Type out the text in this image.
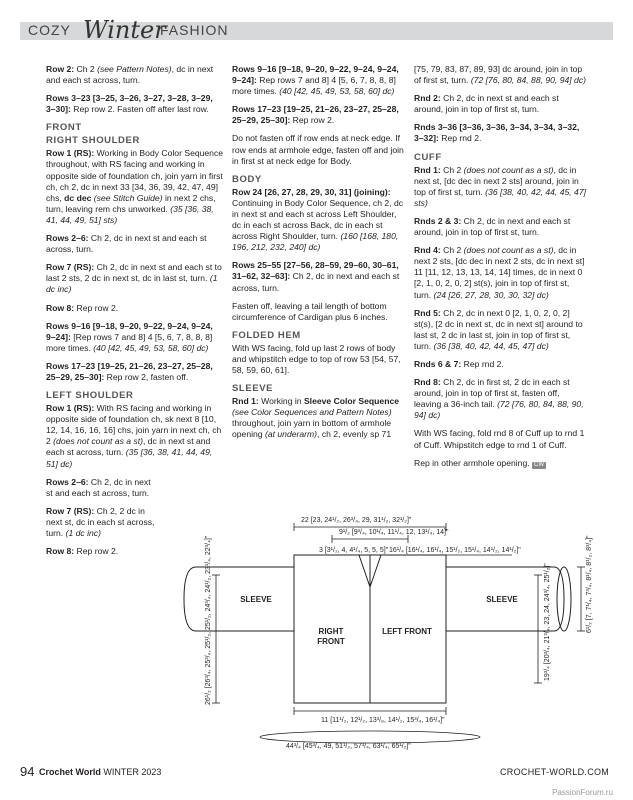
COZY Winter
FASHION

Row 2: Ch 2 (see Pattern Notes), dc in next and each st across, turn.

Rows 3–23 [3–25, 3–26, 3–27, 3–28, 3–29, 3–30]: Rep row 2. Fasten off after last row.

FRONT
RIGHT SHOULDER

Row 1 (RS): Working in Body Color Sequence throughout, with RS facing and working in opposite side of foundation ch, join yarn in first ch, ch 2, dc in next 33 [34, 36, 39, 42, 47, 49] chs, dc dec (see Stitch Guide) in next 2 chs, turn, leaving rem chs unworked. (35 [36, 38, 41, 44, 49, 51] sts)

Rows 2–6: Ch 2, dc in next st and each st across, turn.

Row 7 (RS): Ch 2, dc in next st and each st to last 2 sts, 2 dc in next st, dc in last st, turn. (1 dc inc)

Row 8: Rep row 2.

Rows 9–16 [9–18, 9–20, 9–22, 9–24, 9–24, 9–24]: [Rep rows 7 and 8] 4 [5, 6, 7, 8, 8, 8] more times. (40 [42, 45, 49, 53, 58, 60] dc)

Rows 17–23 [19–25, 21–26, 23–27, 25–28, 25–29, 25–30]: Rep row 2, fasten off.

LEFT SHOULDER

Row 1 (RS): With RS facing and working in opposite side of foundation ch, sk next 8 [10, 12, 14, 16, 16, 16] chs, join yarn in next ch, ch 2 (does not count as a st), dc in next st and each st across, turn. (35 [36, 38, 41, 44, 49, 51] dc)

Rows 2–6: Ch 2, dc in next st and each st across, turn.

Row 7 (RS): Ch 2, 2 dc in next st, dc in each st across, turn. (1 dc inc)

Row 8: Rep row 2.

Rows 9–16 [9–18, 9–20, 9–22, 9–24, 9–24, 9–24]: Rep rows 7 and 8] 4 [5, 6, 7, 8, 8, 8] more times. (40 [42, 45, 49, 53, 58, 60] dc)

Rows 17–23 [19–25, 21–26, 23–27, 25–28, 25–29, 25–30]: Rep row 2.

Do not fasten off if row ends at neck edge. If row ends at armhole edge, fasten off and join in first st at neck edge for Body.

BODY

Row 24 [26, 27, 28, 29, 30, 31] (joining): Continuing in Body Color Sequence, ch 2, dc in next st and each st across Left Shoulder, dc in each st across Back, dc in each st across Right Shoulder, turn. (160 [168, 180, 196, 212, 232, 240] dc)

Rows 25–55 [27–56, 28–59, 29–60, 30–61, 31–62, 32–63]: Ch 2, dc in next and each st across, turn.

Fasten off, leaving a tail length of bottom circumference of Cardigan plus 6 inches.

FOLDED HEM

With WS facing, fold up last 2 rows of body and whipstitch edge to top of row 53 [54, 57, 58, 59, 60, 61].

SLEEVE

Rnd 1: Working in Sleeve Color Sequence (see Color Sequences and Pattern Notes) throughout, join yarn in bottom of armhole opening (at underarm), ch 2, evenly sp 71

[75, 79, 83, 87, 89, 93] dc around, join in top of first st, turn. (72 [76, 80, 84, 88, 90, 94] dc)

Rnd 2: Ch 2, dc in next st and each st around, join in top of first st, turn.

Rnds 3–36 [3–36, 3–36, 3–34, 3–34, 3–32, 3–32]: Rep rnd 2.

CUFF

Rnd 1: Ch 2 (does not count as a st), dc in next st, [dc dec in next 2 sts] around, join in top of first st, turn. (36 [38, 40, 42, 44, 45, 47] sts)

Rnds 2 & 3: Ch 2, dc in next and each st around, join in top of first st, turn.

Rnd 4: Ch 2 (does not count as a st), dc in next 2 sts, [dc dec in next 2 sts, dc in next st] 11 [11, 12, 13, 13, 14, 14] times, dc in next 0 [2, 1, 0, 2, 0, 2] st(s), join in top of first st, turn. (24 [26, 27, 28, 30, 30, 32] dc)

Rnd 5: Ch 2, dc in next 0 [2, 1, 0, 2, 0, 2] st(s), [2 dc in next st, dc in next st] around to last st, 2 dc in last st, join in top of first st, turn. (36 [38, 40, 42, 44, 45, 47] dc)

Rnds 6 & 7: Rep rnd 2.

Rnd 8: Ch 2, dc in first st, 2 dc in each st around, join in top of first st, fasten off, leaving a 36-inch tail. (72 [76, 80, 84, 88, 90, 94] dc)

With WS facing, fold rnd 8 of Cuff up to rnd 1 of Cuff. Whipstitch edge to rnd 1 of Cuff.

Rep in other armhole opening. CW

22 [23, 24¹/₂, 26³/₄, 29, 31¹/₂, 32¹/₂]"
9¹/₂ [9³/₄, 10¹/₄, 11¹/₄, 12, 13¹/₄, 14]"
3 [3¹/₂, 4, 4¹/₄, 5, 5, 5]" 16¹/₄ [16¹/₄, 16¹/₄, 15¹/₂, 15¹/₄, 14¹/₂, 14¹/₂]"
26¹/₂ [26³/₄, 25³/₄, 25¹/₂, 25¹/₂, 24³/₄, 24¹/₂, 23¹/₄, 22³/₄]"	19³/₄ [20³/₄, 21³/₄, 23, 24, 24³/₄, 25¹/₂]"	6¹/₂ [7, 7¹/₄, 7³/₄, 8¹/₄, 8¹/₂, 8³/₄]"
SLEEVE	SLEEVE
RIGHT FRONT
LEFT FRONT
11 [11¹/₂, 12¹/₂, 13³/₈, 14¹/₂, 15³/₄, 16¹/₄]"
44³/₄ [45³/₄, 49, 51¹/₂, 57³/₄, 63¹/₄, 65¹/₂]"
94 Crochet World WINTER 2023	CROCHET-WORLD.COM
PassionForum.ru
